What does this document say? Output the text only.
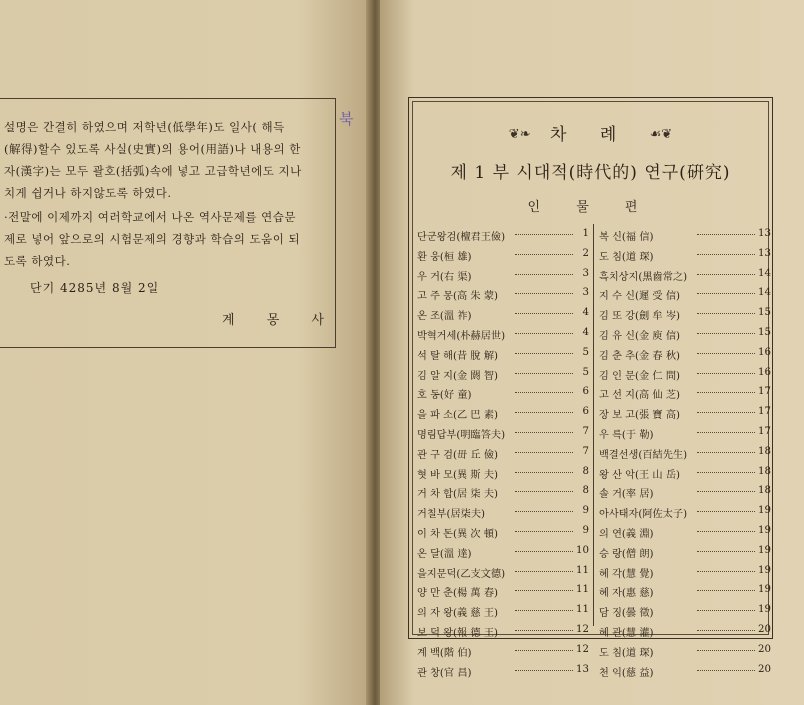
설명은 간결히 하였으며 저학년(低學年)도 일사( 해득
(解得)할수 있도록 사실(史實)의 용어(用語)나 내용의 한
자(漢字)는 모두 괄호(括弧)속에 넣고 고급학년에도 지나
치게 쉽거나 하지않도록 하였다.
·전말에 이제까지 여러학교에서 나온 역사문제를 연습문
제로 넣어 앞으로의 시험문제의 경향과 학습의 도움이 되
도록 하였다.
단기 4285년 8월 2일
계 몽 사
북
❦❧ 차 례 ☙❦
제 1 부 시대적(時代的) 연구(硏究)
인 물 편
단군왕검(檀君王儉)	1
환 웅(桓 雄)	2
우 거(右 渠)	3
고 주 몽(高 朱 蒙)	3
온 조(溫 祚)	4
박혁거세(朴赫居世)	4
석 탈 해(昔 脫 解)	5
김 알 지(金 閼 智)	5
호 동(好 童)	6
을 파 소(乙 巴 素)	6
명림답부(明臨答夫)	7
관 구 검(毌 丘 儉)	7
혓 바 모(異 斯 夫)	8
거 차 합(居 柒 夫)	8
거칠부(居柒夫)	9
이 차 돈(異 次 頓)	9
온 달(溫 達)	10
을지문덕(乙支文德)	11
양 만 춘(楊 萬 春)	11
의 자 왕(義 慈 王)	11
보 덕 왕(報 德 王)	12
계 백(階 伯)	12
관 창(官 昌)	13
복 신(福 信)	13
도 침(道 琛)	13
흑치상지(黑齒常之)	14
지 수 신(遲 受 信)	14
김 또 강(劍 牟 岑)	15
김 유 신(金 庾 信)	15
김 춘 추(金 春 秋)	16
김 인 문(金 仁 問)	16
고 선 지(高 仙 芝)	17
장 보 고(張 寶 高)	17
우 륵(于 勒)	17
백결선생(百結先生)	18
왕 산 악(王 山 岳)	18
솔 거(率 居)	18
아사태자(阿佐太子)	19
의 연(義 淵)	19
승 랑(僧 朗)	19
혜 각(慧 覺)	19
혜 자(惠 慈)	19
담 징(曇 徵)	19
혜 관(慧 灌)	20
도 침(道 琛)	20
천 익(慈 益)	20
